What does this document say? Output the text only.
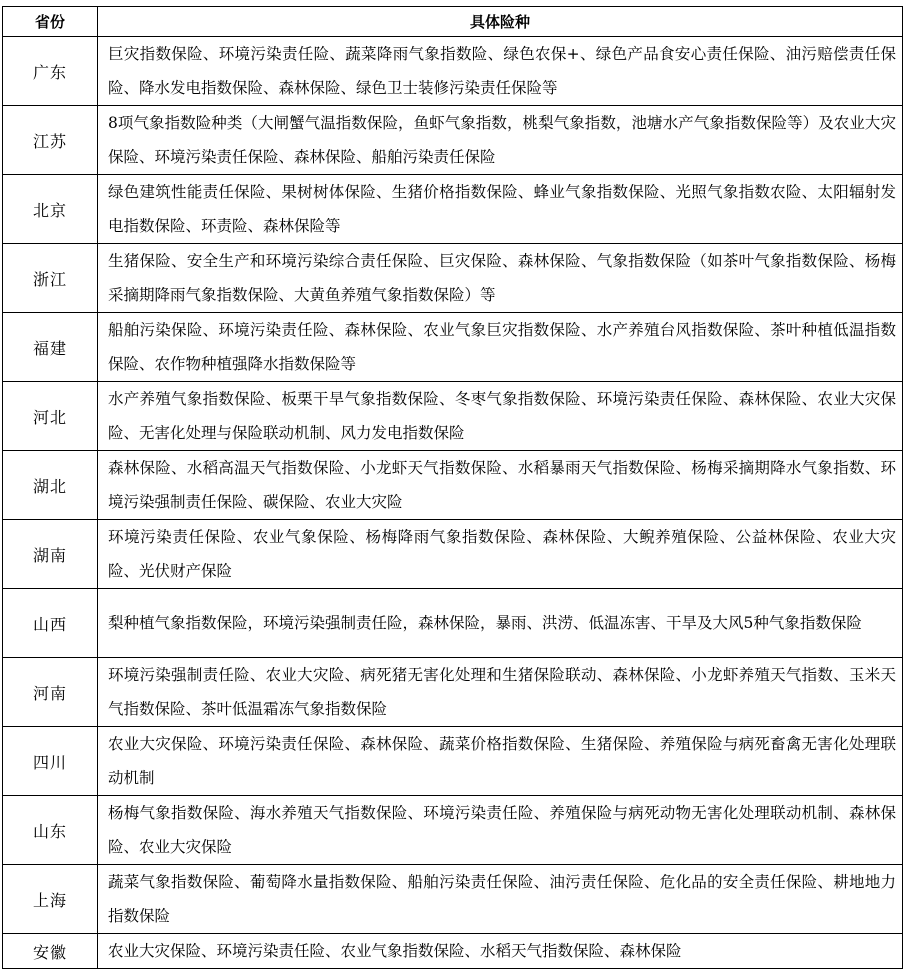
省份	具体险种
广东	巨灾指数保险、环境污染责任险、蔬菜降雨气象指数险、绿色农保+、绿色产品食安心责任保险、油污赔偿责任保险、降水发电指数保险、森林保险、绿色卫士装修污染责任保险等
江苏	8项气象指数险种类（大闸蟹气温指数保险，鱼虾气象指数，桃梨气象指数，池塘水产气象指数保险等）及农业大灾保险、环境污染责任保险、森林保险、船舶污染责任保险
北京	绿色建筑性能责任保险、果树树体保险、生猪价格指数保险、蜂业气象指数保险、光照气象指数农险、太阳辐射发电指数保险、环责险、森林保险等
浙江	生猪保险、安全生产和环境污染综合责任保险、巨灾保险、森林保险、气象指数保险（如茶叶气象指数保险、杨梅采摘期降雨气象指数保险、大黄鱼养殖气象指数保险）等
福建	船舶污染保险、环境污染责任险、森林保险、农业气象巨灾指数保险、水产养殖台风指数保险、茶叶种植低温指数保险、农作物种植强降水指数保险等
河北	水产养殖气象指数保险、板栗干旱气象指数保险、冬枣气象指数保险、环境污染责任保险、森林保险、农业大灾保险、无害化处理与保险联动机制、风力发电指数保险
湖北	森林保险、水稻高温天气指数保险、小龙虾天气指数保险、水稻暴雨天气指数保险、杨梅采摘期降水气象指数、环境污染强制责任保险、碳保险、农业大灾险
湖南	环境污染责任保险、农业气象保险、杨梅降雨气象指数保险、森林保险、大鲵养殖保险、公益林保险、农业大灾险、光伏财产保险
山西	梨种植气象指数保险，环境污染强制责任险，森林保险，暴雨、洪涝、低温冻害、干旱及大风5种气象指数保险
河南	环境污染强制责任险、农业大灾险、病死猪无害化处理和生猪保险联动、森林保险、小龙虾养殖天气指数、玉米天气指数保险、茶叶低温霜冻气象指数保险
四川	农业大灾保险、环境污染责任保险、森林保险、蔬菜价格指数保险、生猪保险、养殖保险与病死畜禽无害化处理联动机制
山东	杨梅气象指数保险、海水养殖天气指数保险、环境污染责任险、养殖保险与病死动物无害化处理联动机制、森林保险、农业大灾保险
上海	蔬菜气象指数保险、葡萄降水量指数保险、船舶污染责任保险、油污责任保险、危化品的安全责任保险、耕地地力指数保险
安徽	农业大灾保险、环境污染责任险、农业气象指数保险、水稻天气指数保险、森林保险
